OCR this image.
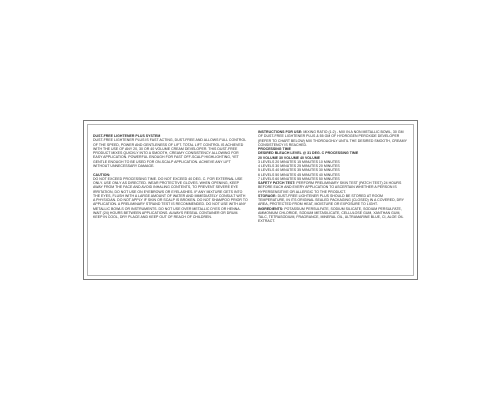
DUST-FREE LIGHTENER PLUS SYSTEM
DUST-FREE LIGHTENER PLUS IS FAST ACTING, DUST-FREE AND ALLOWS FULL CONTROL OF THE SPEED, POWER AND GENTLENESS OF LIFT. TOTAL LIFT CONTROL IS ACHIEVED WITH THE USE OF ANY 20, 30 OR 40 VOLUME CREAM DEVELOPER. THIS DUST-FREE PRODUCT MIXES QUICKLY INTO A SMOOTH, CREAMY CONSISTENCY ALLOWING FOR EASY APPLICATION. POWERFUL ENOUGH FOR FAST OFF-SCALP HIGHLIGHTING, YET GENTLE ENOUGH TO BE USED FOR ON-SCALP APPLICATION. ACHIEVE ANY LIFT WITHOUT UNNECESSARY DAMAGE.
CAUTION:
DO NOT EXCEED PROCESSING TIME. DO NOT EXCEED 40 DEG. C. FOR EXTERNAL USE ONLY. USE ONLY AS DIRECTED. WEAR PROTECTIVE GLOVES. WHEN OPENING, KEEP AWAY FROM THE FACE AND AVOID INHALING CONTENTS, TO PREVENT SEVERE EYE IRRITATION, DO NOT USE ON EYEBROWS OR EYELASHES. IF ANY MIXTURE GETS INTO THE EYES, FLUSH WITH A LARGE AMOUNT OF WATER AND IMMEDIATELY CONSULT WITH A PHYSICIAN. DO NOT APPLY IF SKIN OR SCALP IS BROKEN. DO NOT SHAMPOO PRIOR TO APPLICATION. A PRELIMINARY STRAND TEST IS RECOMMENDED. DO NOT USE WITH ANY METALLIC BOWLS OR INSTRUMENTS. DO NOT USE OVER METALLIC DYES OR HENNA. WAIT (24) HOURS BETWEEN APPLICATIONS. ALWAYS RESEAL CONTAINER OR DRUM. KEEP IN COOL, DRY PLACE AND KEEP OUT OF REACH OF CHILDREN.
INSTRUCTIONS FOR USE: MIXING RATIO (1:2) - MIX IN A NON METALLIC BOWL, 30 GM OF DUST-FREE LIGHTENER PLUS & 55 GM OF HYDROGEN PEROXIDE DEVELOPER (REFER TO CHART BELOW) MIX THOROUGHLY UNTIL THE DESIRED SMOOTH, CREAMY CONSISTENCY IS REACHED.
PROCESSING TIME
DESIRED BLEACH LEVEL @ 31 DEG. C PROCESSING TIME
20 VOLUME 30 VOLUME 40 VOLUME
3 LEVELS 20 MINUTES 15 MINUTES 10 MINUTES
4 LEVELS 30 MINUTES 25 MINUTES 20 MINUTES
5 LEVELS 40 MINUTES 35 MINUTES 30 MINUTES
6 LEVELS 50 MINUTES 45 MINUTES 40 MINUTES
7 LEVELS 60 MINUTES 55 MINUTES 50 MINUTES
SAFETY PATCH TEST: PERFORM PRELIMINARY SKIN TEST (PATCH TEST) 24 HOURS BEFORE EACH AND EVERY APPLICATION TO ASCERTAIN WHETHER A PERSON IS HYPERSENSITIVE OR ALLERGIC TO THE PRODUCT.
STORAGE: DUST-FREE LIGHTENER PLUS SHOULD BE STORED AT ROOM TEMPERATURE, IN ITS ORIGINAL SEALED PACKAGING (CLOSED) IN A COVERED, DRY AREA, PROTECTED FROM HEAT, MOISTURE OR EXPOSURE TO LIGHT.
INGREDIENTS: POTASSIUM PERSULFATE, SODIUM SILICATE, SODIUM PERSULFATE, AMMONIUM CHLORIDE, SODIUM METASILICATE, CELLULOSE GUM, XANTHAN GUM, TALC, TETRASODIUM, FRAGRANCE, MINERAL OIL, ULTRAMARINE BLUE, CI, ALOE OIL EXTRACT.
